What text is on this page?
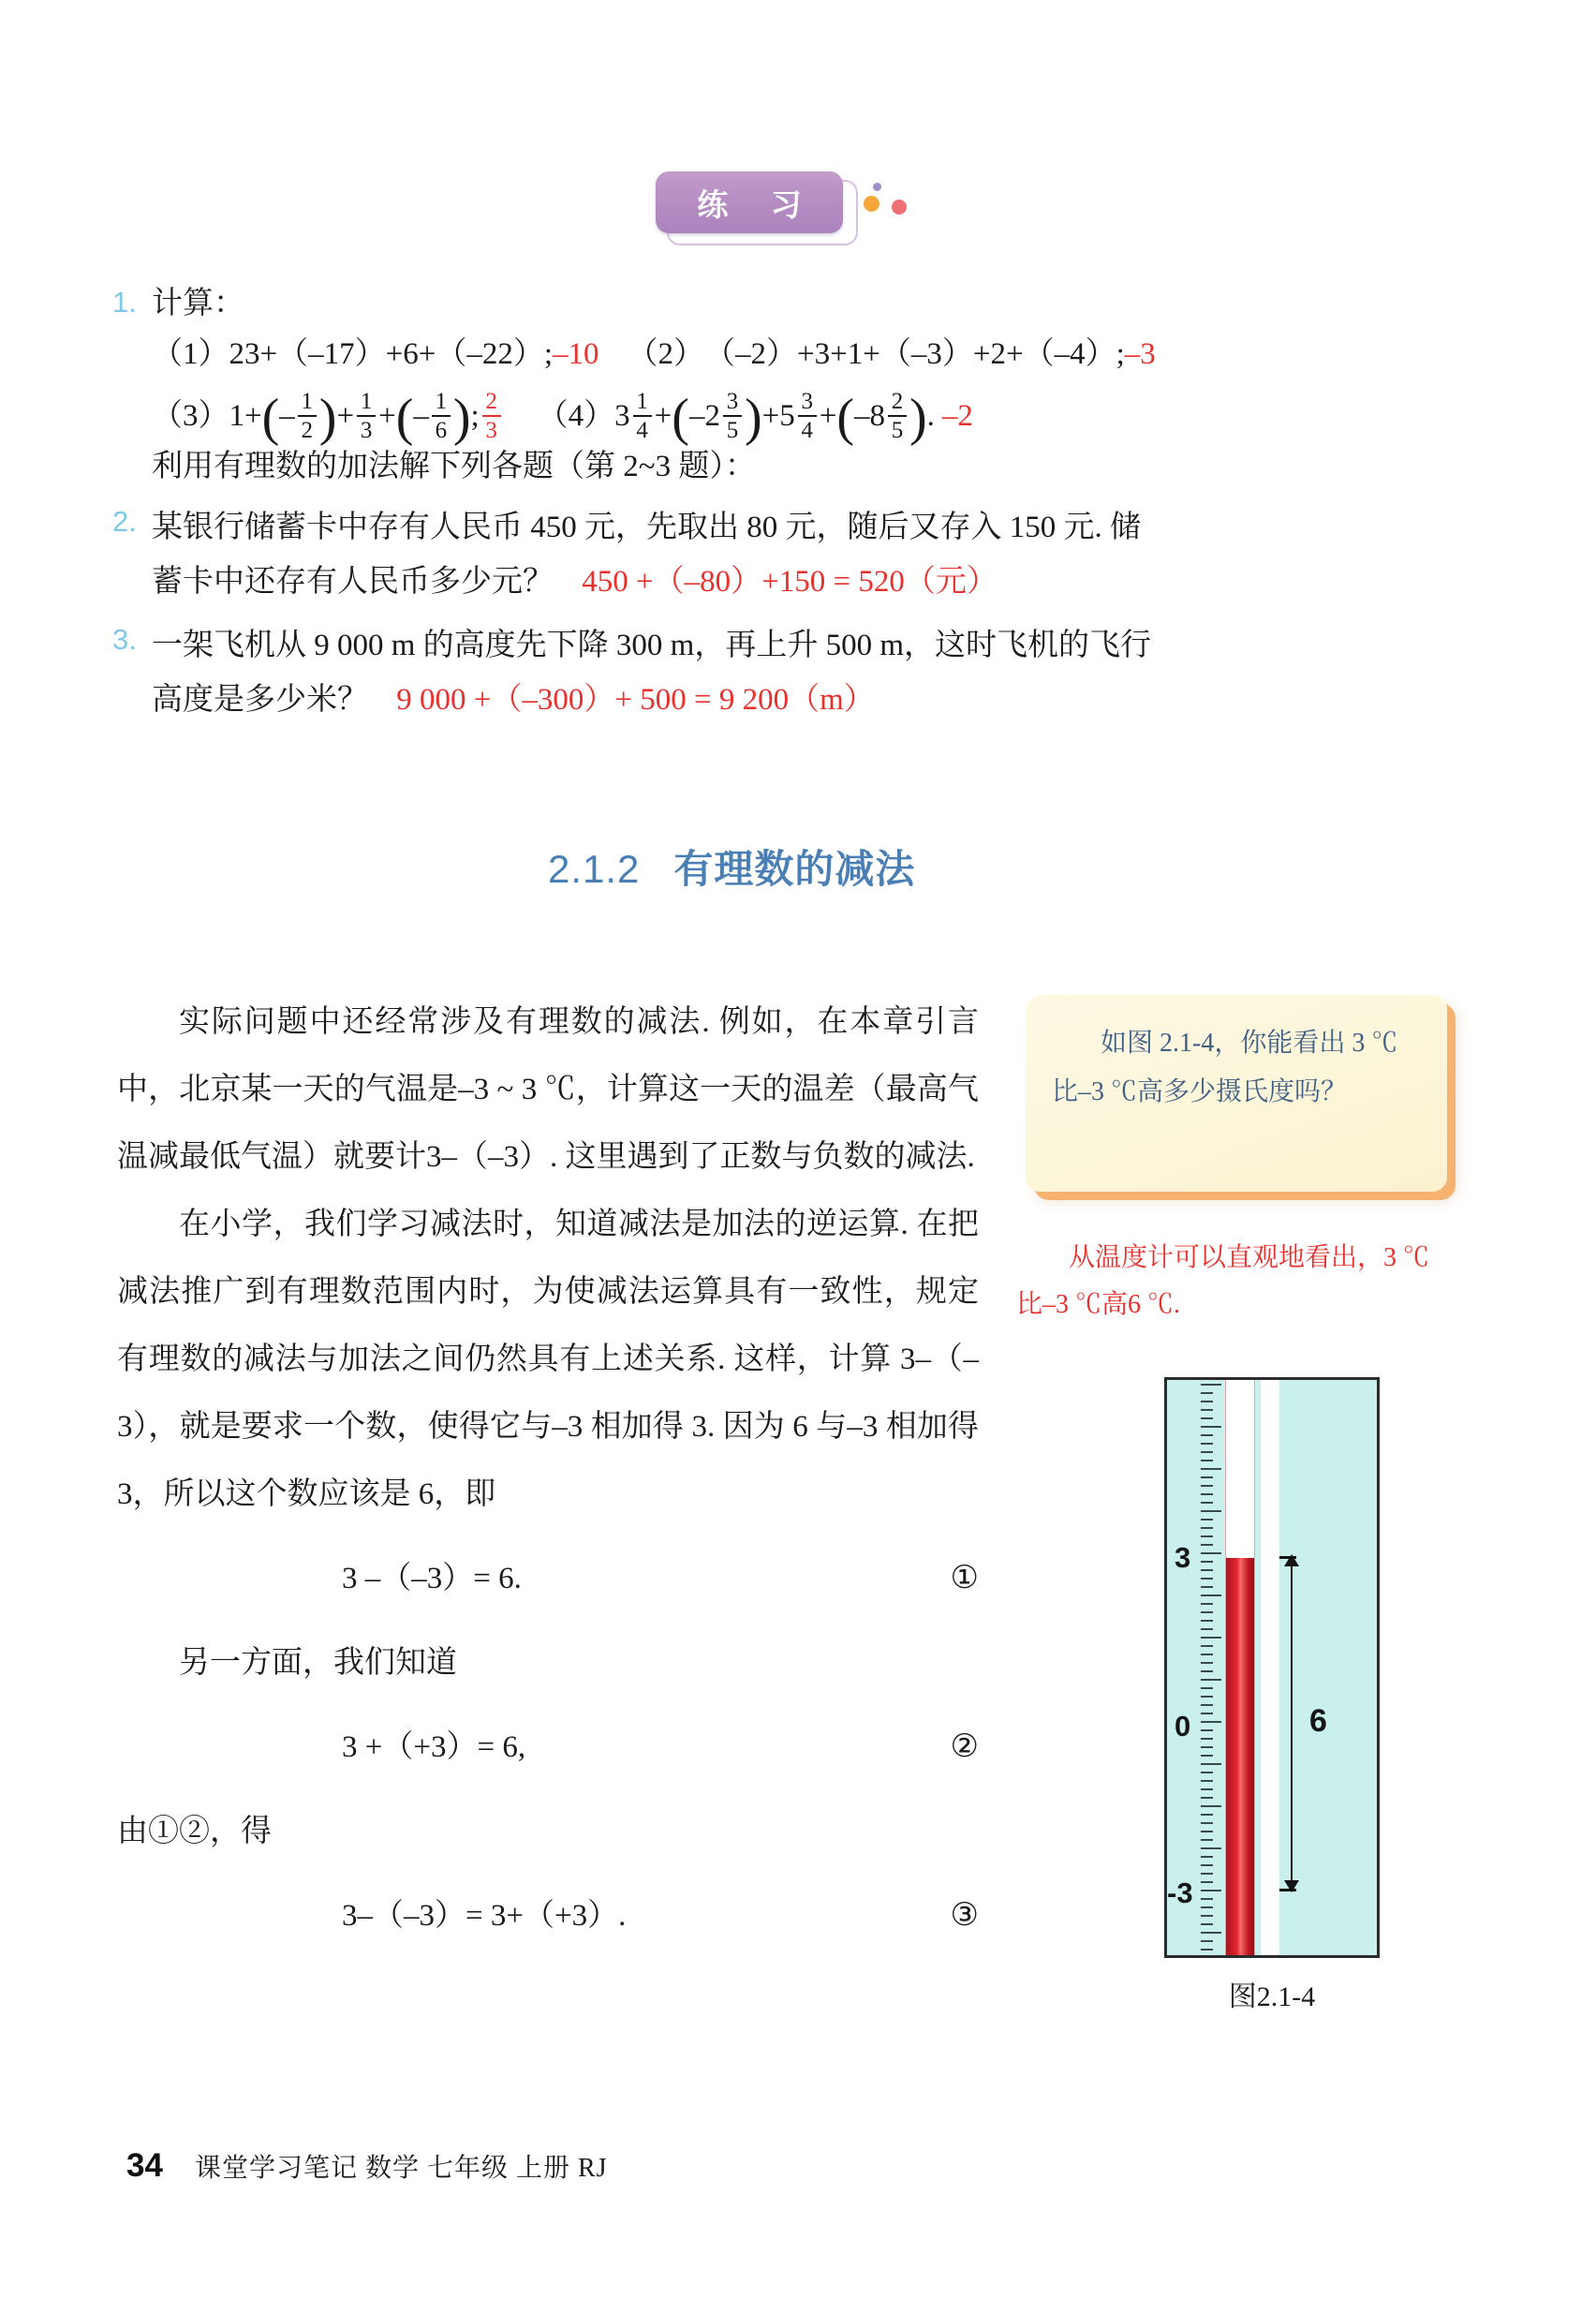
练 习
1. 计算：
（1） 23+（–17）+6+（–22）; –10 （2） （–2）+3+1+（–3）+2+（–4）; –3
（3） 1+ ( – $\frac{1}{2}$ ) + $\frac{1}{3}$ + ( – $\frac{1}{6}$ ) ; $\frac{2}{3} (4)$ $3 \frac{1}{4}$ + ( $-2 \frac{3}{5}$ ) + $5 \frac{3}{4}$ + ( $-8 \frac{2}{5}$ ) . –2
利用有理数的加法解下列各题（第 2~3 题）：
2. 某银行储蓄卡中存有人民币 450 元，先取出 80 元，随后又存入 150 元. 储
蓄卡中还存有人民币多少元？ 450 +（–80）+150 = 520（元）
3. 一架飞机从 9 000 m 的高度先下降 300 m，再上升 500 m，这时飞机的飞行
高度是多少米？ 9 000 +（–300）+ 500 = 9 200（m）
2.1.2 有理数的减法
实际问题中还经常涉及有理数的减法. 例如，在本章引言中，北京某一天的气温是–3 ~ 3 ℃，计算这一天的温差（最高气温减最低气温）就要计3–（–3）. 这里遇到了正数与负数的减法.
在小学，我们学习减法时，知道减法是加法的逆运算. 在把减法推广到有理数范围内时，为使减法运算具有一致性，规定有理数的减法与加法之间仍然具有上述关系. 这样，计算 3–（–3），就是要求一个数，使得它与–3 相加得 3. 因为 6 与–3 相加得 3，所以这个数应该是 6，即
3 –（–3）= 6.	①
另一方面，我们知道
3 +（+3）= 6,	②
由①②，得
3–（–3）= 3+（+3）.	③
如图 2.1-4，你能看出 3 ℃比–3 ℃高多少摄氏度吗？
从温度计可以直观地看出，3 ℃比–3 ℃高6 ℃.
3
0
-3
6
图2.1-4
34 课堂学习笔记 数学 七年级 上册 RJ
